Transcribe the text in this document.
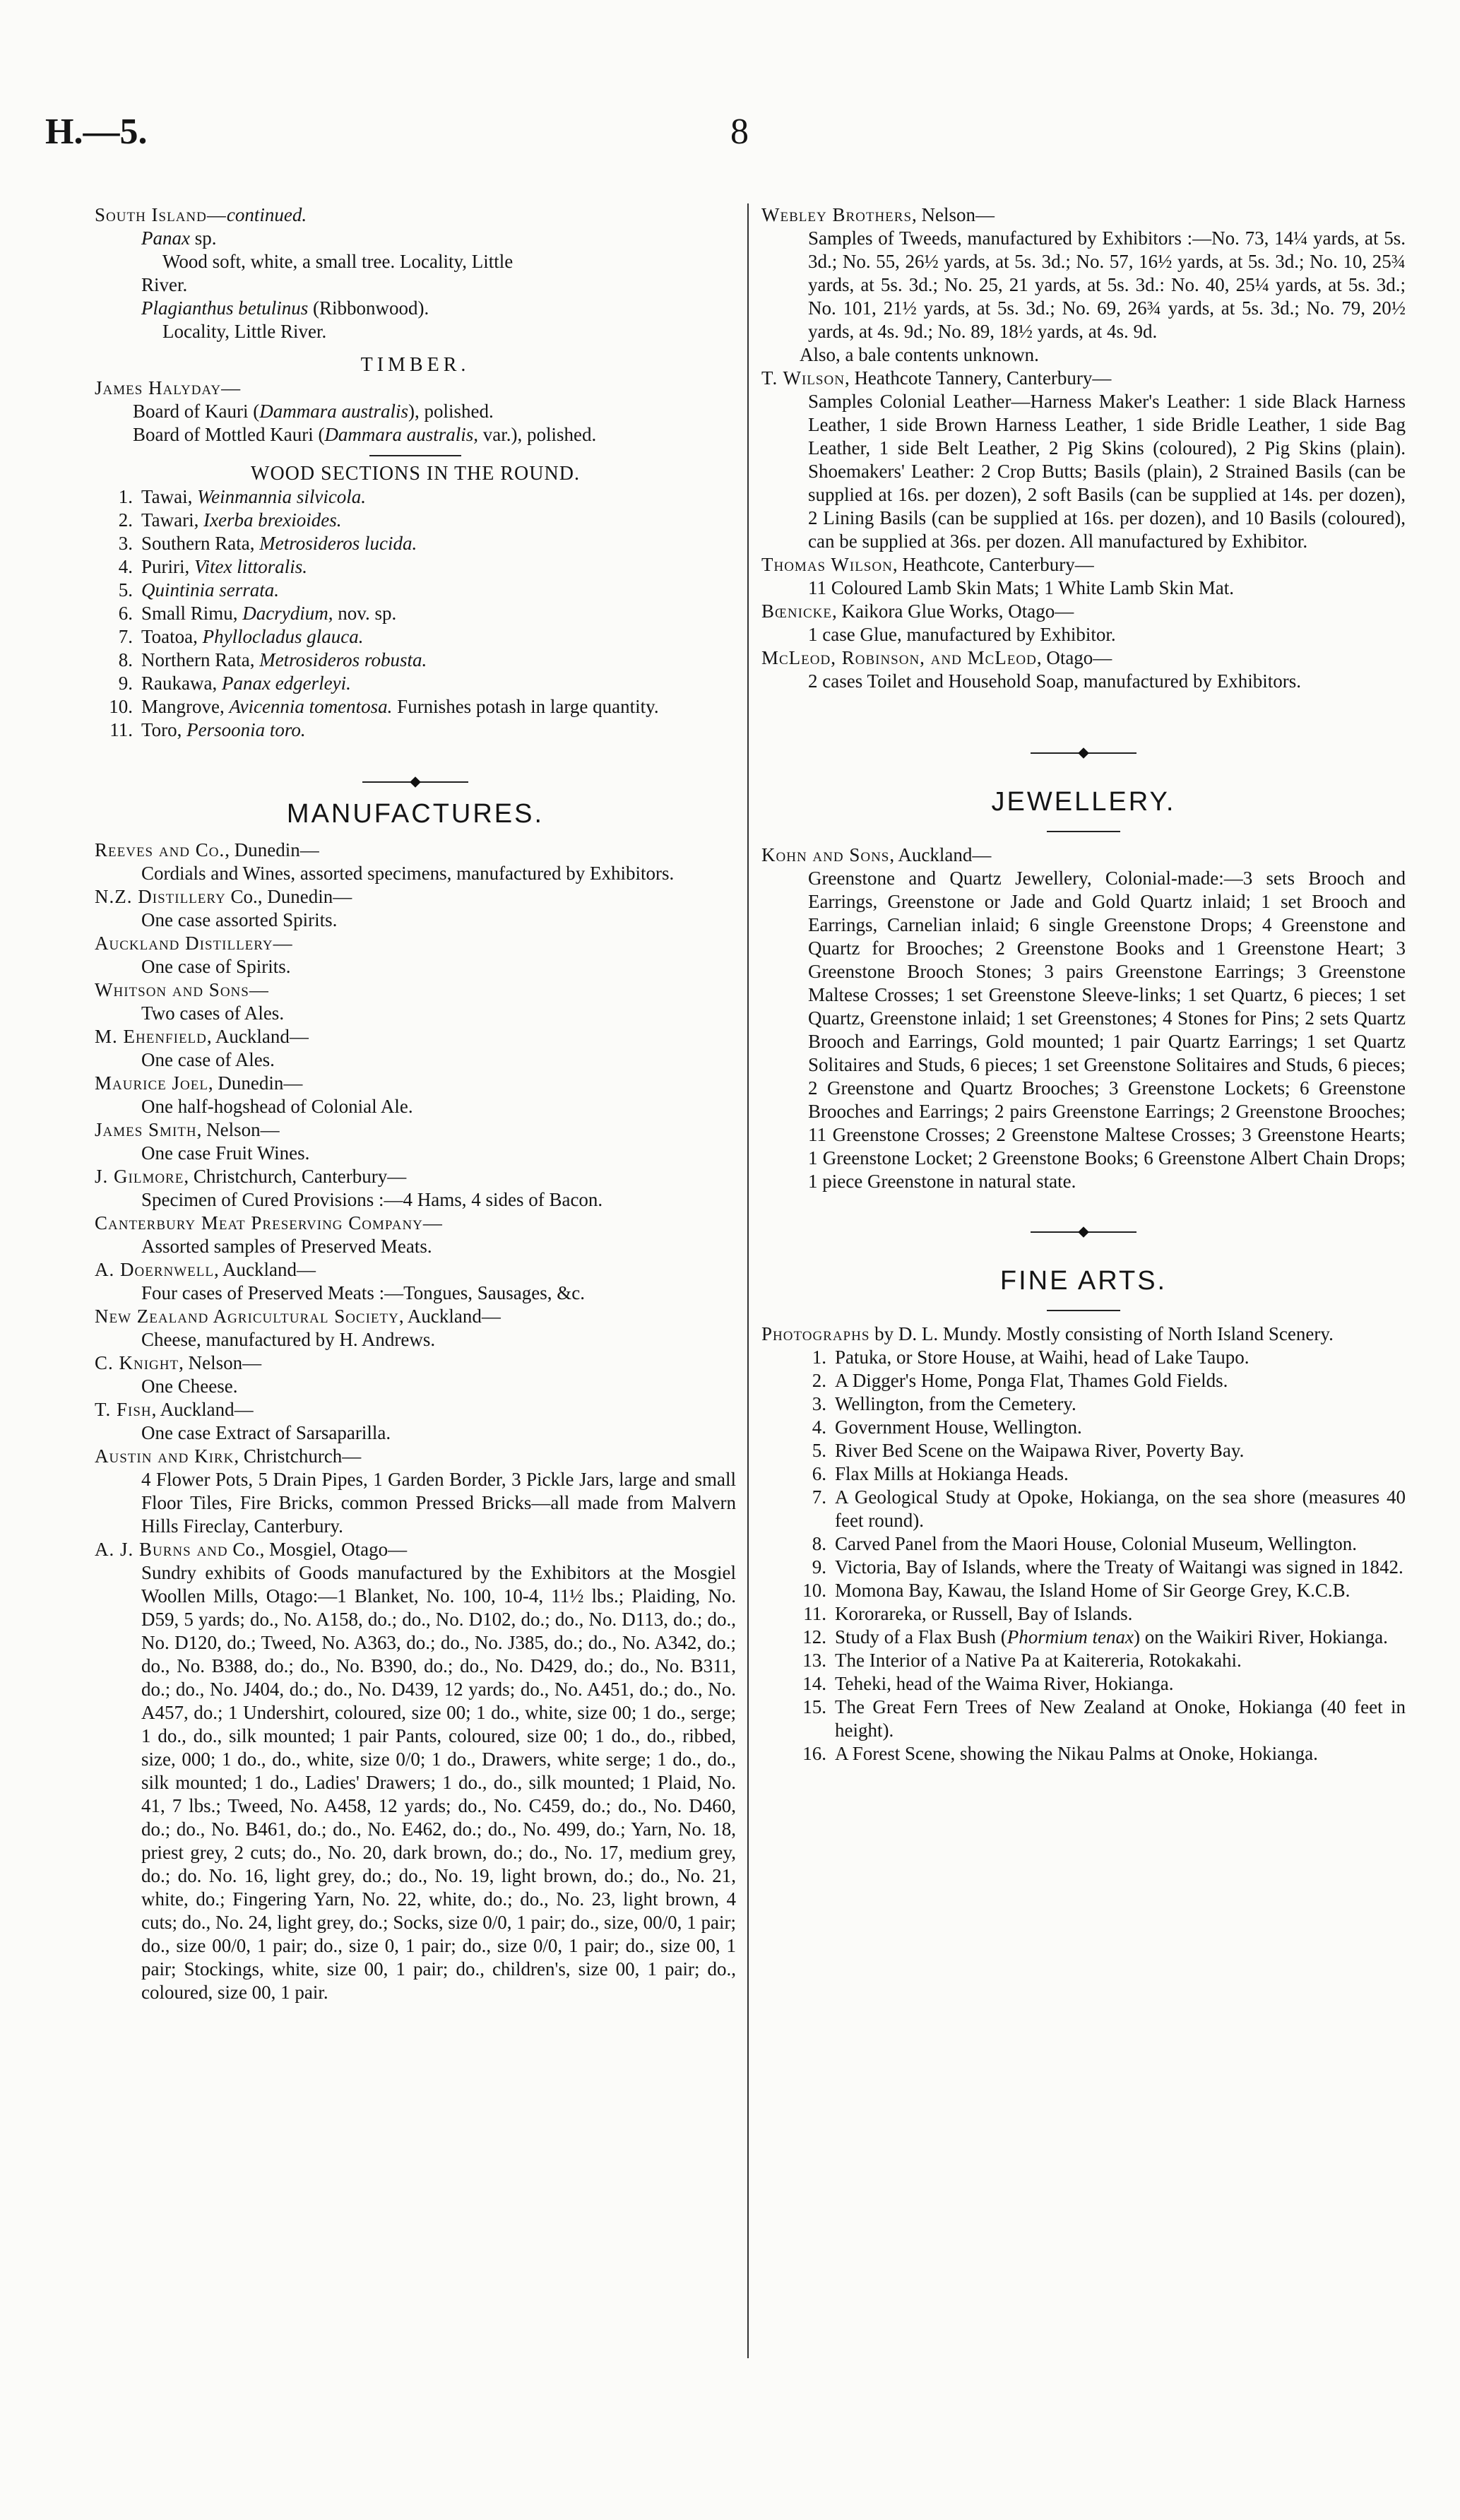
H.—5.	8

South Island—continued.

Panax sp.

Wood soft, white, a small tree. Locality, Little

River.

Plagianthus betulinus (Ribbonwood).

Locality, Little River.

TIMBER.

James Halyday—

Board of Kauri (Dammara australis), polished.

Board of Mottled Kauri (Dammara australis, var.), polished.

WOOD SECTIONS IN THE ROUND.

1. Tawai, Weinmannia silvicola.
2. Tawari, Ixerba brexioides.
3. Southern Rata, Metrosideros lucida.
4. Puriri, Vitex littoralis.
5. Quintinia serrata.
6. Small Rimu, Dacrydium, nov. sp.
7. Toatoa, Phyllocladus glauca.
8. Northern Rata, Metrosideros robusta.
9. Raukawa, Panax edgerleyi.
10. Mangrove, Avicennia tomentosa. Furnishes potash in large quantity.
11. Toro, Persoonia toro.

MANUFACTURES.

Reeves and Co., Dunedin—

Cordials and Wines, assorted specimens, manufactured by Exhibitors.

N.Z. Distillery Co., Dunedin—

One case assorted Spirits.

Auckland Distillery—

One case of Spirits.

Whitson and Sons—

Two cases of Ales.

M. Ehenfield, Auckland—

One case of Ales.

Maurice Joel, Dunedin—

One half-hogshead of Colonial Ale.

James Smith, Nelson—

One case Fruit Wines.

J. Gilmore, Christchurch, Canterbury—

Specimen of Cured Provisions :—4 Hams, 4 sides of Bacon.

Canterbury Meat Preserving Company—

Assorted samples of Preserved Meats.

A. Doernwell, Auckland—

Four cases of Preserved Meats :—Tongues, Sausages, &c.

New Zealand Agricultural Society, Auckland—

Cheese, manufactured by H. Andrews.

C. Knight, Nelson—

One Cheese.

T. Fish, Auckland—

One case Extract of Sarsaparilla.

Austin and Kirk, Christchurch—

4 Flower Pots, 5 Drain Pipes, 1 Garden Border, 3 Pickle Jars, large and small Floor Tiles, Fire Bricks, common Pressed Bricks—all made from Malvern Hills Fireclay, Canterbury.

A. J. Burns and Co., Mosgiel, Otago—

Sundry exhibits of Goods manufactured by the Exhibitors at the Mosgiel Woollen Mills, Otago:—1 Blanket, No. 100, 10-4, 11½ lbs.; Plaiding, No. D59, 5 yards; do., No. A158, do.; do., No. D102, do.; do., No. D113, do.; do., No. D120, do.; Tweed, No. A363, do.; do., No. J385, do.; do., No. A342, do.; do., No. B388, do.; do., No. B390, do.; do., No. D429, do.; do., No. B311, do.; do., No. J404, do.; do., No. D439, 12 yards; do., No. A451, do.; do., No. A457, do.; 1 Undershirt, coloured, size 00; 1 do., white, size 00; 1 do., serge; 1 do., do., silk mounted; 1 pair Pants, coloured, size 00; 1 do., do., ribbed, size, 000; 1 do., do., white, size 0/0; 1 do., Drawers, white serge; 1 do., do., silk mounted; 1 do., Ladies' Drawers; 1 do., do., silk mounted; 1 Plaid, No. 41, 7 lbs.; Tweed, No. A458, 12 yards; do., No. C459, do.; do., No. D460, do.; do., No. B461, do.; do., No. E462, do.; do., No. 499, do.; Yarn, No. 18, priest grey, 2 cuts; do., No. 20, dark brown, do.; do., No. 17, medium grey, do.; do. No. 16, light grey, do.; do., No. 19, light brown, do.; do., No. 21, white, do.; Fingering Yarn, No. 22, white, do.; do., No. 23, light brown, 4 cuts; do., No. 24, light grey, do.; Socks, size 0/0, 1 pair; do., size, 00/0, 1 pair; do., size 00/0, 1 pair; do., size 0, 1 pair; do., size 0/0, 1 pair; do., size 00, 1 pair; Stockings, white, size 00, 1 pair; do., children's, size 00, 1 pair; do., coloured, size 00, 1 pair.

Webley Brothers, Nelson—

Samples of Tweeds, manufactured by Exhibitors :—No. 73, 14¼ yards, at 5s. 3d.; No. 55, 26½ yards, at 5s. 3d.; No. 57, 16½ yards, at 5s. 3d.; No. 10, 25¾ yards, at 5s. 3d.; No. 25, 21 yards, at 5s. 3d.: No. 40, 25¼ yards, at 5s. 3d.; No. 101, 21½ yards, at 5s. 3d.; No. 69, 26¾ yards, at 5s. 3d.; No. 79, 20½ yards, at 4s. 9d.; No. 89, 18½ yards, at 4s. 9d.

Also, a bale contents unknown.

T. Wilson, Heathcote Tannery, Canterbury—

Samples Colonial Leather—Harness Maker's Leather: 1 side Black Harness Leather, 1 side Brown Harness Leather, 1 side Bridle Leather, 1 side Bag Leather, 1 side Belt Leather, 2 Pig Skins (coloured), 2 Pig Skins (plain). Shoemakers' Leather: 2 Crop Butts; Basils (plain), 2 Strained Basils (can be supplied at 16s. per dozen), 2 soft Basils (can be supplied at 14s. per dozen), 2 Lining Basils (can be supplied at 16s. per dozen), and 10 Basils (coloured), can be supplied at 36s. per dozen. All manufactured by Exhibitor.

Thomas Wilson, Heathcote, Canterbury—

11 Coloured Lamb Skin Mats; 1 White Lamb Skin Mat.

Bœnicke, Kaikora Glue Works, Otago—

1 case Glue, manufactured by Exhibitor.

McLeod, Robinson, and McLeod, Otago—

2 cases Toilet and Household Soap, manufactured by Exhibitors.

JEWELLERY.

Kohn and Sons, Auckland—

Greenstone and Quartz Jewellery, Colonial-made:—3 sets Brooch and Earrings, Greenstone or Jade and Gold Quartz inlaid; 1 set Brooch and Earrings, Carnelian inlaid; 6 single Greenstone Drops; 4 Greenstone and Quartz for Brooches; 2 Greenstone Books and 1 Greenstone Heart; 3 Greenstone Brooch Stones; 3 pairs Greenstone Earrings; 3 Greenstone Maltese Crosses; 1 set Greenstone Sleeve-links; 1 set Quartz, 6 pieces; 1 set Quartz, Greenstone inlaid; 1 set Greenstones; 4 Stones for Pins; 2 sets Quartz Brooch and Earrings, Gold mounted; 1 pair Quartz Earrings; 1 set Quartz Solitaires and Studs, 6 pieces; 1 set Greenstone Solitaires and Studs, 6 pieces; 2 Greenstone and Quartz Brooches; 3 Greenstone Lockets; 6 Greenstone Brooches and Earrings; 2 pairs Greenstone Earrings; 2 Greenstone Brooches; 11 Greenstone Crosses; 2 Greenstone Maltese Crosses; 3 Greenstone Hearts; 1 Greenstone Locket; 2 Greenstone Books; 6 Greenstone Albert Chain Drops; 1 piece Greenstone in natural state.

FINE ARTS.

Photographs by D. L. Mundy. Mostly consisting of North Island Scenery.

1. Patuka, or Store House, at Waihi, head of Lake Taupo.
2. A Digger's Home, Ponga Flat, Thames Gold Fields.
3. Wellington, from the Cemetery.
4. Government House, Wellington.
5. River Bed Scene on the Waipawa River, Poverty Bay.
6. Flax Mills at Hokianga Heads.
7. A Geological Study at Opoke, Hokianga, on the sea shore (measures 40 feet round).
8. Carved Panel from the Maori House, Colonial Museum, Wellington.
9. Victoria, Bay of Islands, where the Treaty of Waitangi was signed in 1842.
10. Momona Bay, Kawau, the Island Home of Sir George Grey, K.C.B.
11. Kororareka, or Russell, Bay of Islands.
12. Study of a Flax Bush (Phormium tenax) on the Waikiri River, Hokianga.
13. The Interior of a Native Pa at Kaitereria, Rotokakahi.
14. Teheki, head of the Waima River, Hokianga.
15. The Great Fern Trees of New Zealand at Onoke, Hokianga (40 feet in height).
16. A Forest Scene, showing the Nikau Palms at Onoke, Hokianga.
